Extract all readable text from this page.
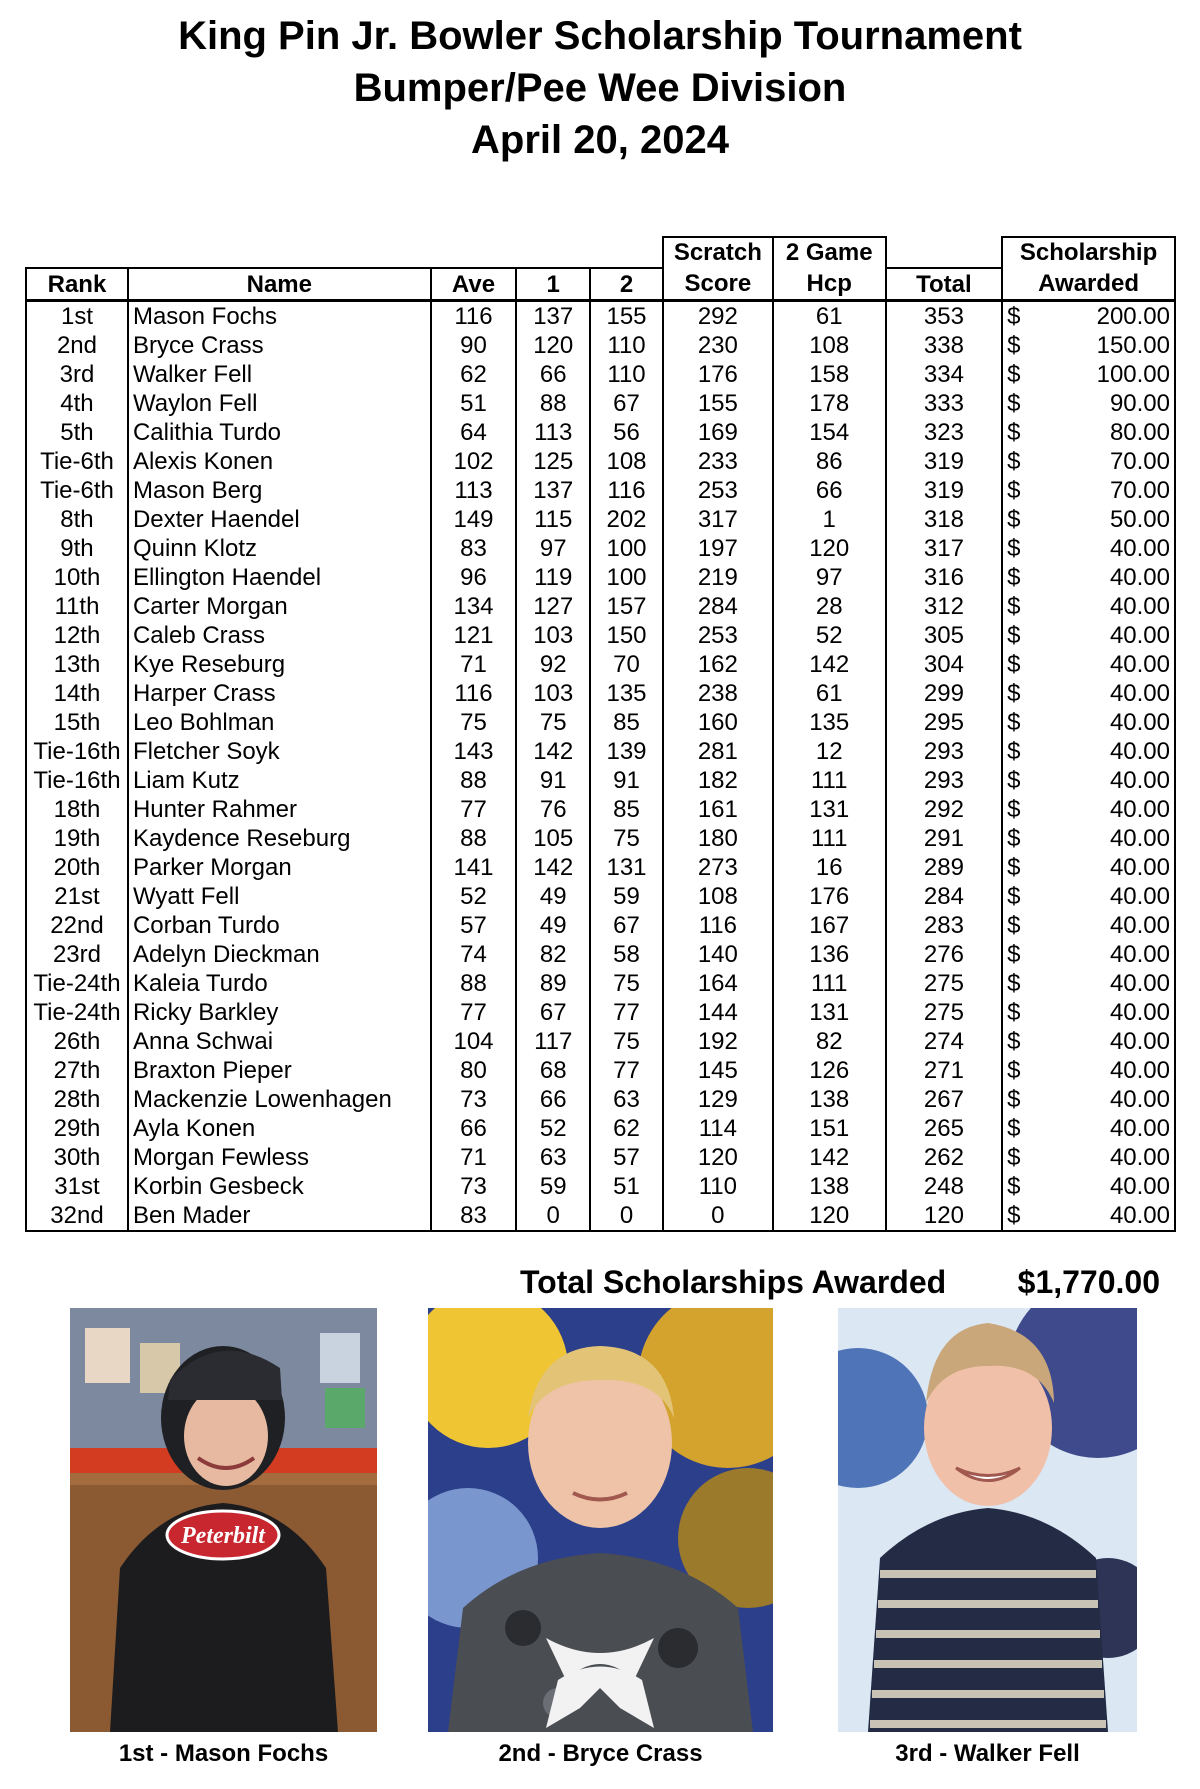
King Pin Jr. Bowler Scholarship Tournament
Bumper/Pee Wee Division
April 20, 2024
					Scratch	2 Game		Scholarship
Rank	Name	Ave	1	2	Score	Hcp	Total	Awarded
1st	Mason Fochs	116	137	155	292	61	353	$ 200.00

2nd	Bryce Crass	90	120	110	230	108	338	$ 150.00

3rd	Walker Fell	62	66	110	176	158	334	$ 100.00

4th	Waylon Fell	51	88	67	155	178	333	$ 90.00

5th	Calithia Turdo	64	113	56	169	154	323	$ 80.00

Tie-6th	Alexis Konen	102	125	108	233	86	319	$ 70.00

Tie-6th	Mason Berg	113	137	116	253	66	319	$ 70.00

8th	Dexter Haendel	149	115	202	317	1	318	$ 50.00

9th	Quinn Klotz	83	97	100	197	120	317	$ 40.00

10th	Ellington Haendel	96	119	100	219	97	316	$ 40.00

11th	Carter Morgan	134	127	157	284	28	312	$ 40.00

12th	Caleb Crass	121	103	150	253	52	305	$ 40.00

13th	Kye Reseburg	71	92	70	162	142	304	$ 40.00

14th	Harper Crass	116	103	135	238	61	299	$ 40.00

15th	Leo Bohlman	75	75	85	160	135	295	$ 40.00

Tie-16th	Fletcher Soyk	143	142	139	281	12	293	$ 40.00

Tie-16th	Liam Kutz	88	91	91	182	111	293	$ 40.00

18th	Hunter Rahmer	77	76	85	161	131	292	$ 40.00

19th	Kaydence Reseburg	88	105	75	180	111	291	$ 40.00

20th	Parker Morgan	141	142	131	273	16	289	$ 40.00

21st	Wyatt Fell	52	49	59	108	176	284	$ 40.00

22nd	Corban Turdo	57	49	67	116	167	283	$ 40.00

23rd	Adelyn Dieckman	74	82	58	140	136	276	$ 40.00

Tie-24th	Kaleia Turdo	88	89	75	164	111	275	$ 40.00

Tie-24th	Ricky Barkley	77	67	77	144	131	275	$ 40.00

26th	Anna Schwai	104	117	75	192	82	274	$ 40.00

27th	Braxton Pieper	80	68	77	145	126	271	$ 40.00

28th	Mackenzie Lowenhagen	73	66	63	129	138	267	$ 40.00

29th	Ayla Konen	66	52	62	114	151	265	$ 40.00

30th	Morgan Fewless	71	63	57	120	142	262	$ 40.00

31st	Korbin Gesbeck	73	59	51	110	138	248	$ 40.00

32nd	Ben Mader	83	0	0	0	120	120	$ 40.00
Total Scholarships Awarded $1,770.00
Peterbilt
1st - Mason Fochs	2nd - Bryce Crass	3rd - Walker Fell
